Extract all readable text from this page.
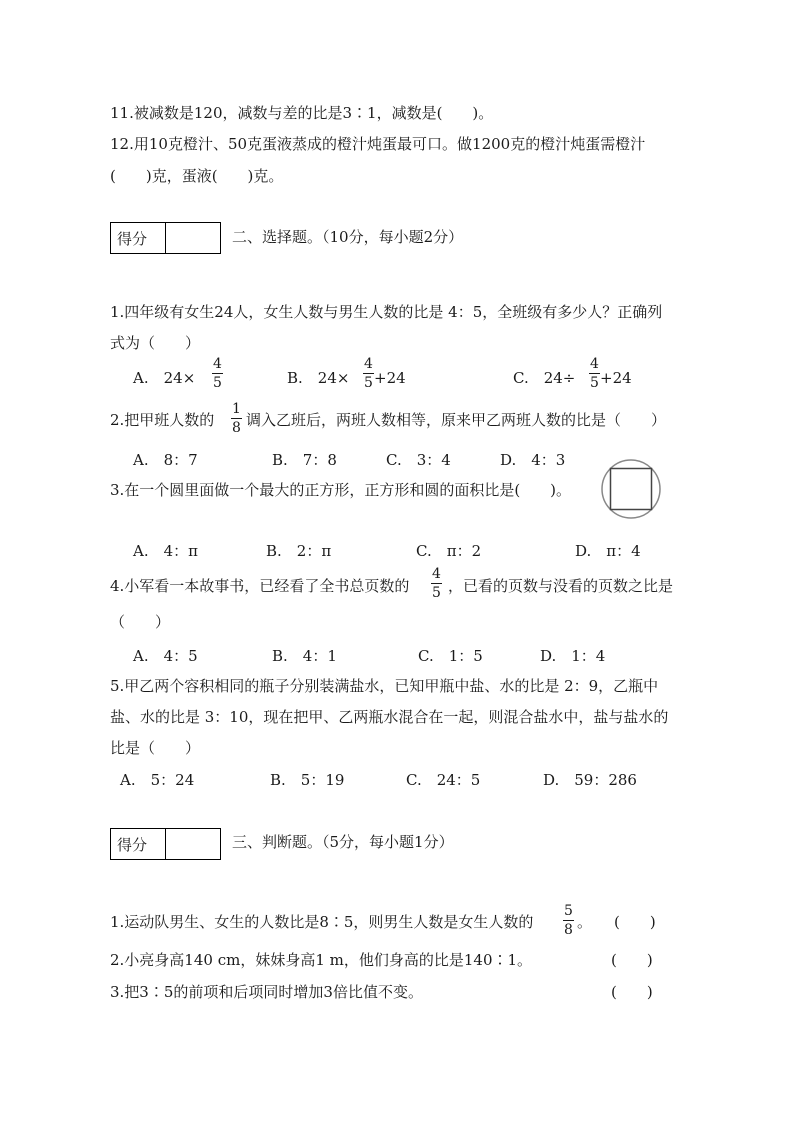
11.被减数是120，减数与差的比是3∶1，减数是(　　)。
12.用10克橙汁、50克蛋液蒸成的橙汁炖蛋最可口。做1200克的橙汁炖蛋需橙汁
(　　)克，蛋液(　　)克。
得分	二、选择题。（10分，每小题2分）
1.四年级有女生24人，女生人数与男生人数的比是 4：5，全班级有多少人？正确列
式为（　　）
A.　24×
4
5	B.　24×
4
5 +24	C.　24÷
4
5 +24
2.把甲班人数的
1
8 调入乙班后，两班人数相等，原来甲乙两班人数的比是（　　）
A.　8：7	B.　7：8	C.　3：4	D.　4：3
3.在一个圆里面做一个最大的正方形，正方形和圆的面积比是(　　)。
A.　4：π	B.　2：π	C.　π：2	D.　π：4
4.小军看一本故事书，已经看了全书总页数的
4
5 ，已看的页数与没看的页数之比是
（　　）
A.　4：5	B.　4：1	C.　1：5	D.　1：4
5.甲乙两个容积相同的瓶子分别装满盐水，已知甲瓶中盐、水的比是 2：9，乙瓶中
盐、水的比是 3：10，现在把甲、乙两瓶水混合在一起，则混合盐水中，盐与盐水的
比是（　　）
A.　5：24	B.　5：19	C.　24：5	D.　59：286
得分	三、判断题。（5分，每小题1分）
1.运动队男生、女生的人数比是8∶5，则男生人数是女生人数的
5
8 。 (　　)
2.小亮身高140 cm，妹妹身高1 m，他们身高的比是140∶1。	(　　)
3.把3∶5的前项和后项同时增加3倍比值不变。	(　　)
